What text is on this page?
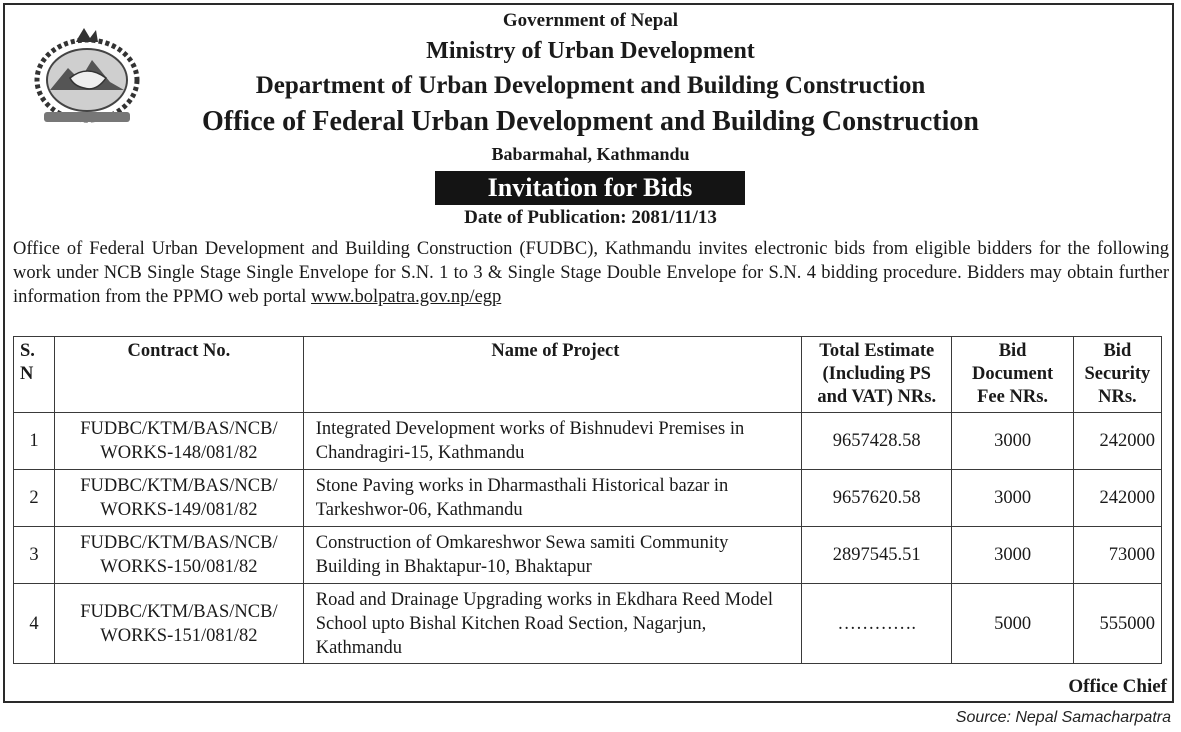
Government of Nepal
Ministry of Urban Development
Department of Urban Development and Building Construction
Office of Federal Urban Development and Building Construction
Babarmahal, Kathmandu
Invitation for Bids
Date of Publication: 2081/11/13

Office of Federal Urban Development and Building Construction (FUDBC), Kathmandu invites electronic bids from eligible bidders for the following work under NCB Single Stage Single Envelope for S.N. 1 to 3 & Single Stage Double Envelope for S.N. 4 bidding procedure. Bidders may obtain further information from the PPMO web portal www.bolpatra.gov.np/egp

S. N	Contract No.	Name of Project	Total Estimate (Including PS and VAT) NRs.	Bid Document Fee NRs.	Bid Security NRs.
1	FUDBC/KTM/BAS/NCB/ WORKS-148/081/82	Integrated Development works of Bishnudevi Premises in Chandragiri-15, Kathmandu	9657428.58	3000	242000
2	FUDBC/KTM/BAS/NCB/ WORKS-149/081/82	Stone Paving works in Dharmasthali Historical bazar in Tarkeshwor-06, Kathmandu	9657620.58	3000	242000
3	FUDBC/KTM/BAS/NCB/ WORKS-150/081/82	Construction of Omkareshwor Sewa samiti Community Building in Bhaktapur-10, Bhaktapur	2897545.51	3000	73000
4	FUDBC/KTM/BAS/NCB/ WORKS-151/081/82	Road and Drainage Upgrading works in Ekdhara Reed Model School upto Bishal Kitchen Road Section, Nagarjun, Kathmandu	………….	5000	555000
Office Chief
Source: Nepal Samacharpatra
